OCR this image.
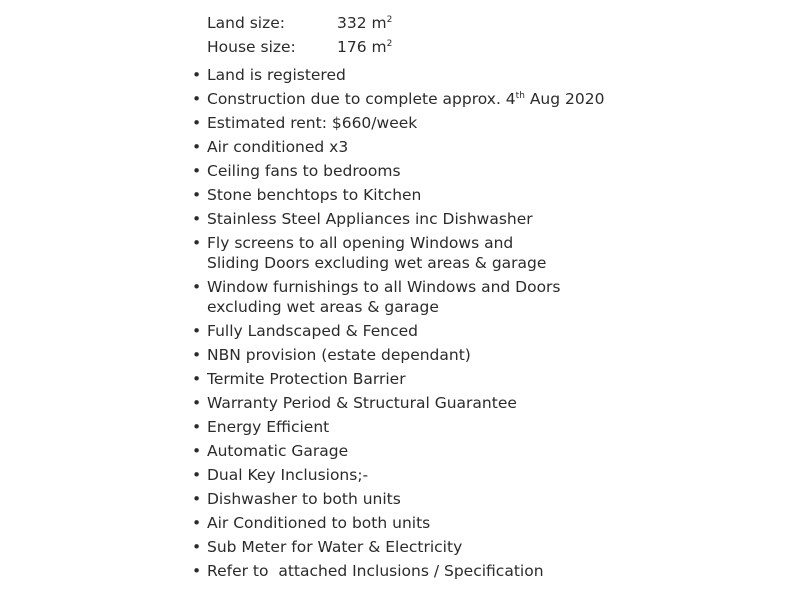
Land size:	332 $m^2$
House size:	176 $m^2$
• Land is registered
• Construction due to complete approx. 4th Aug 2020
• Estimated rent: $660/week
• Air conditioned x3
• Ceiling fans to bedrooms
• Stone benchtops to Kitchen
• Stainless Steel Appliances inc Dishwasher
• Fly screens to all opening Windows and
Sliding Doors excluding wet areas & garage
• Window furnishings to all Windows and Doors
excluding wet areas & garage
• Fully Landscaped & Fenced
• NBN provision (estate dependant)
• Termite Protection Barrier
• Warranty Period & Structural Guarantee
• Energy Efficient
• Automatic Garage
• Dual Key Inclusions;-
• Dishwasher to both units
• Air Conditioned to both units
• Sub Meter for Water & Electricity
• Refer to  attached Inclusions / Specification
